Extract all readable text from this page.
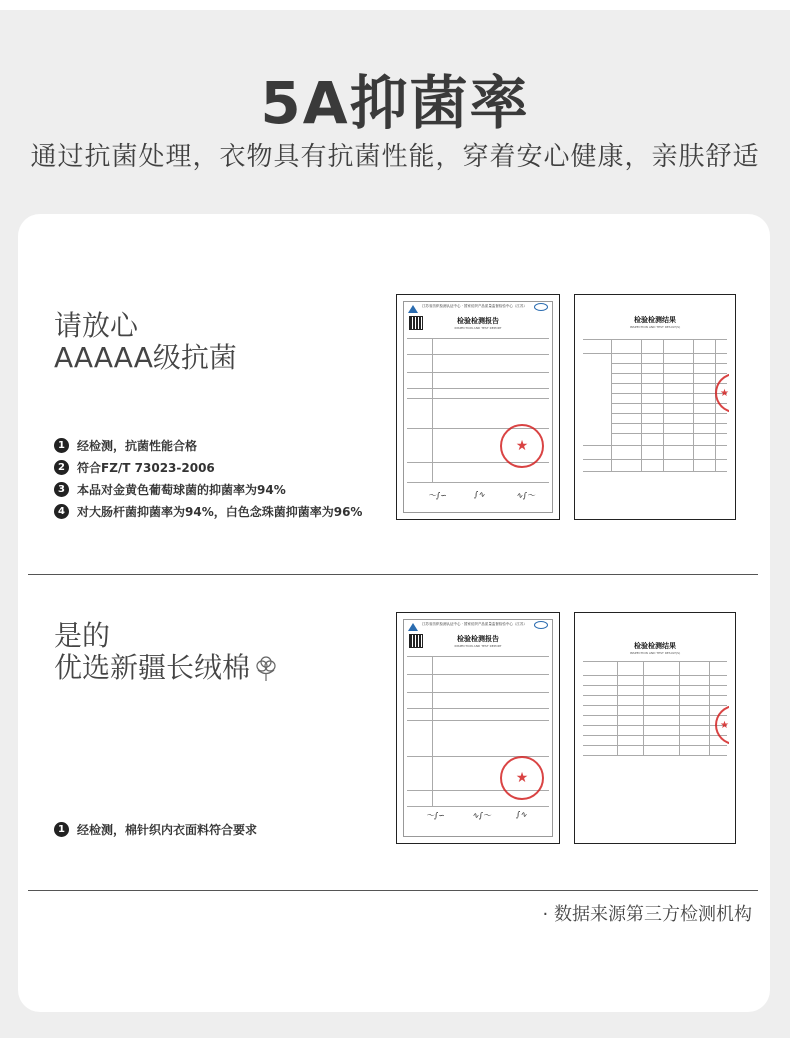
5A抑菌率
通过抗菌处理，衣物具有抗菌性能，穿着安心健康，亲肤舒适
请放心
AAAAA级抗菌
1	经检测，抗菌性能合格
2	符合FZ/T 73023-2006
3	本品对金黄色葡萄球菌的抑菌率为94%
4	对大肠杆菌抑菌率为94%，白色念珠菌抑菌率为96%
江苏省纺织检测认证中心 · 国家纺织产品质量监督检验中心（江苏）
检验检测报告
INSPECTION AND TEST REPORT
★
〜∫∽	∫∿	∿∫〜
检验检测结果
INSPECTION AND TEST RESULT(S)
★
是的
优选新疆长绒棉
1	经检测，棉针织内衣面料符合要求
江苏省纺织检测认证中心 · 国家纺织产品质量监督检验中心（江苏）
检验检测报告
INSPECTION AND TEST REPORT
★
〜∫∽	∿∫〜	∫∿
检验检测结果
INSPECTION AND TEST RESULT(S)
★
· 数据来源第三方检测机构
